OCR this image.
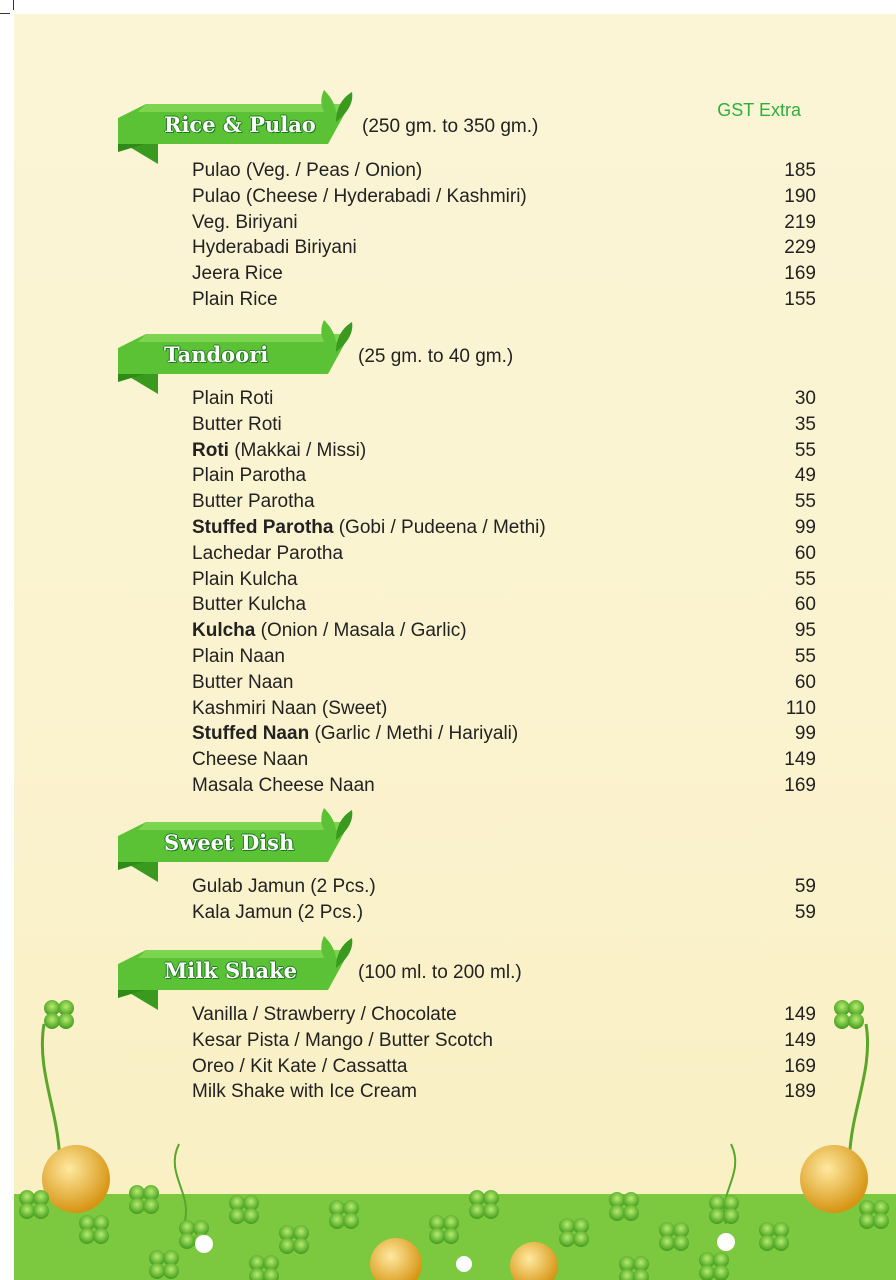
GST Extra

Rice & Pulao (250 gm. to 350 gm.)

Pulao (Veg. / Peas / Onion)	185
Pulao (Cheese / Hyderabadi / Kashmiri)	190
Veg. Biriyani	219
Hyderabadi Biriyani	229
Jeera Rice	169
Plain Rice	155

Tandoori	(25 gm. to 40 gm.)

Plain Roti	30
Butter Roti	35
Roti (Makkai / Missi)	55
Plain Parotha	49
Butter Parotha	55
Stuffed Parotha (Gobi / Pudeena / Methi)	99
Lachedar Parotha	60
Plain Kulcha	55
Butter Kulcha	60
Kulcha (Onion / Masala / Garlic)	95
Plain Naan	55
Butter Naan	60
Kashmiri Naan (Sweet)	110
Stuffed Naan (Garlic / Methi / Hariyali)	99
Cheese Naan	149
Masala Cheese Naan	169

Sweet Dish

Gulab Jamun (2 Pcs.)	59
Kala Jamun (2 Pcs.)	59

Milk Shake	(100 ml. to 200 ml.)

Vanilla / Strawberry / Chocolate	149
Kesar Pista / Mango / Butter Scotch	149
Oreo / Kit Kate / Cassatta	169
Milk Shake with Ice Cream	189
